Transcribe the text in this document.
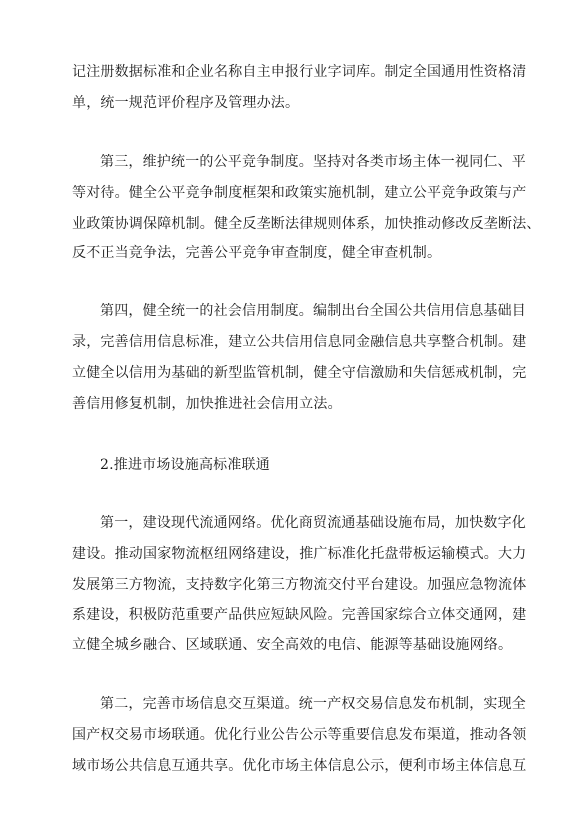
记注册数据标准和企业名称自主申报行业字词库。制定全国通用性资格清
单，统一规范评价程序及管理办法。
第三，维护统一的公平竞争制度。坚持对各类市场主体一视同仁、平
等对待。健全公平竞争制度框架和政策实施机制，建立公平竞争政策与产
业政策协调保障机制。健全反垄断法律规则体系，加快推动修改反垄断法、
反不正当竞争法，完善公平竞争审查制度，健全审查机制。
第四，健全统一的社会信用制度。编制出台全国公共信用信息基础目
录，完善信用信息标准，建立公共信用信息同金融信息共享整合机制。建
立健全以信用为基础的新型监管机制，健全守信激励和失信惩戒机制，完
善信用修复机制，加快推进社会信用立法。
2.推进市场设施高标准联通
第一，建设现代流通网络。优化商贸流通基础设施布局，加快数字化
建设。推动国家物流枢纽网络建设，推广标准化托盘带板运输模式。大力
发展第三方物流，支持数字化第三方物流交付平台建设。加强应急物流体
系建设，积极防范重要产品供应短缺风险。完善国家综合立体交通网，建
立健全城乡融合、区域联通、安全高效的电信、能源等基础设施网络。
第二，完善市场信息交互渠道。统一产权交易信息发布机制，实现全
国产权交易市场联通。优化行业公告公示等重要信息发布渠道，推动各领
域市场公共信息互通共享。优化市场主体信息公示，便利市场主体信息互
